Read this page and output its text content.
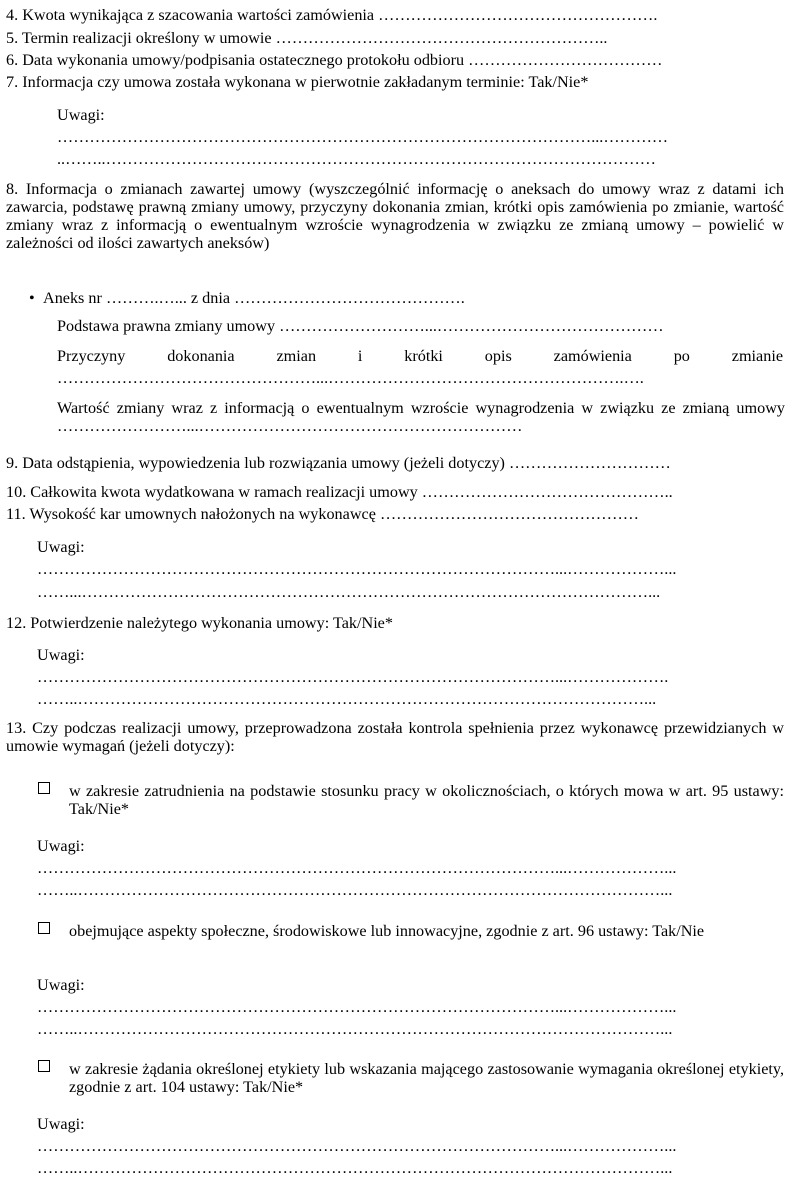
4. Kwota wynikająca z szacowania wartości zamówienia …………………………………………….

5. Termin realizacji określony w umowie ……………………………………………………..

6. Data wykonania umowy/podpisania ostatecznego protokołu odbioru ………………………………

7. Informacja czy umowa została wykonana w pierwotnie zakładanym terminie: Tak/Nie*

Uwagi:

………………………………………………………………………………………...…………

..……..…………………………………………………………………………………………

8. Informacja o zmianach zawartej umowy (wyszczególnić informację o aneksach do umowy wraz z datami ich zawarcia, podstawę prawną zmiany umowy, przyczyny dokonania zmian, krótki opis zamówienia po zmianie, wartość zmiany wraz z informacją o ewentualnym wzroście wynagrodzenia w związku ze zmianą umowy – powielić w zależności od ilości zawartych aneksów)

• Aneks nr ……….…... z dnia …………………………………….

Podstawa prawna zmiany umowy ………………………...……………………………………

Przyczyny dokonania zmian i krótki opis zamówienia po zmianie

…………………………………………...……………………………………………….….

Wartość zmiany wraz z informacją o ewentualnym wzroście wynagrodzenia w związku ze zmianą umowy ……………………...……………………………………………………

9. Data odstąpienia, wypowiedzenia lub rozwiązania umowy (jeżeli dotyczy) …………………………

10. Całkowita kwota wydatkowana w ramach realizacji umowy ………………………………………..

11. Wysokość kar umownych nałożonych na wykonawcę …………………………………………

Uwagi:

……………………………………………………………………………………...………………...

……...……………………………………………………………………………………………...

12. Potwierdzenie należytego wykonania umowy: Tak/Nie*

Uwagi:

……………………………………………………………………………………...……………….

……..……………………………………………………………………………………………...

13. Czy podczas realizacji umowy, przeprowadzona została kontrola spełnienia przez wykonawcę przewidzianych w umowie wymagań (jeżeli dotyczy):

w zakresie zatrudnienia na podstawie stosunku pracy w okolicznościach, o których mowa w art. 95 ustawy: Tak/Nie*

Uwagi:

……………………………………………………………………………………...………………...

……..………………………………………………………………………………………………...

obejmujące aspekty społeczne, środowiskowe lub innowacyjne, zgodnie z art. 96 ustawy: Tak/Nie

Uwagi:

……………………………………………………………………………………...………………...

……..………………………………………………………………………………………………...

w zakresie żądania określonej etykiety lub wskazania mającego zastosowanie wymagania określonej etykiety, zgodnie z art. 104 ustawy: Tak/Nie*

Uwagi:

……………………………………………………………………………………...………………...

……..………………………………………………………………………………………………...
